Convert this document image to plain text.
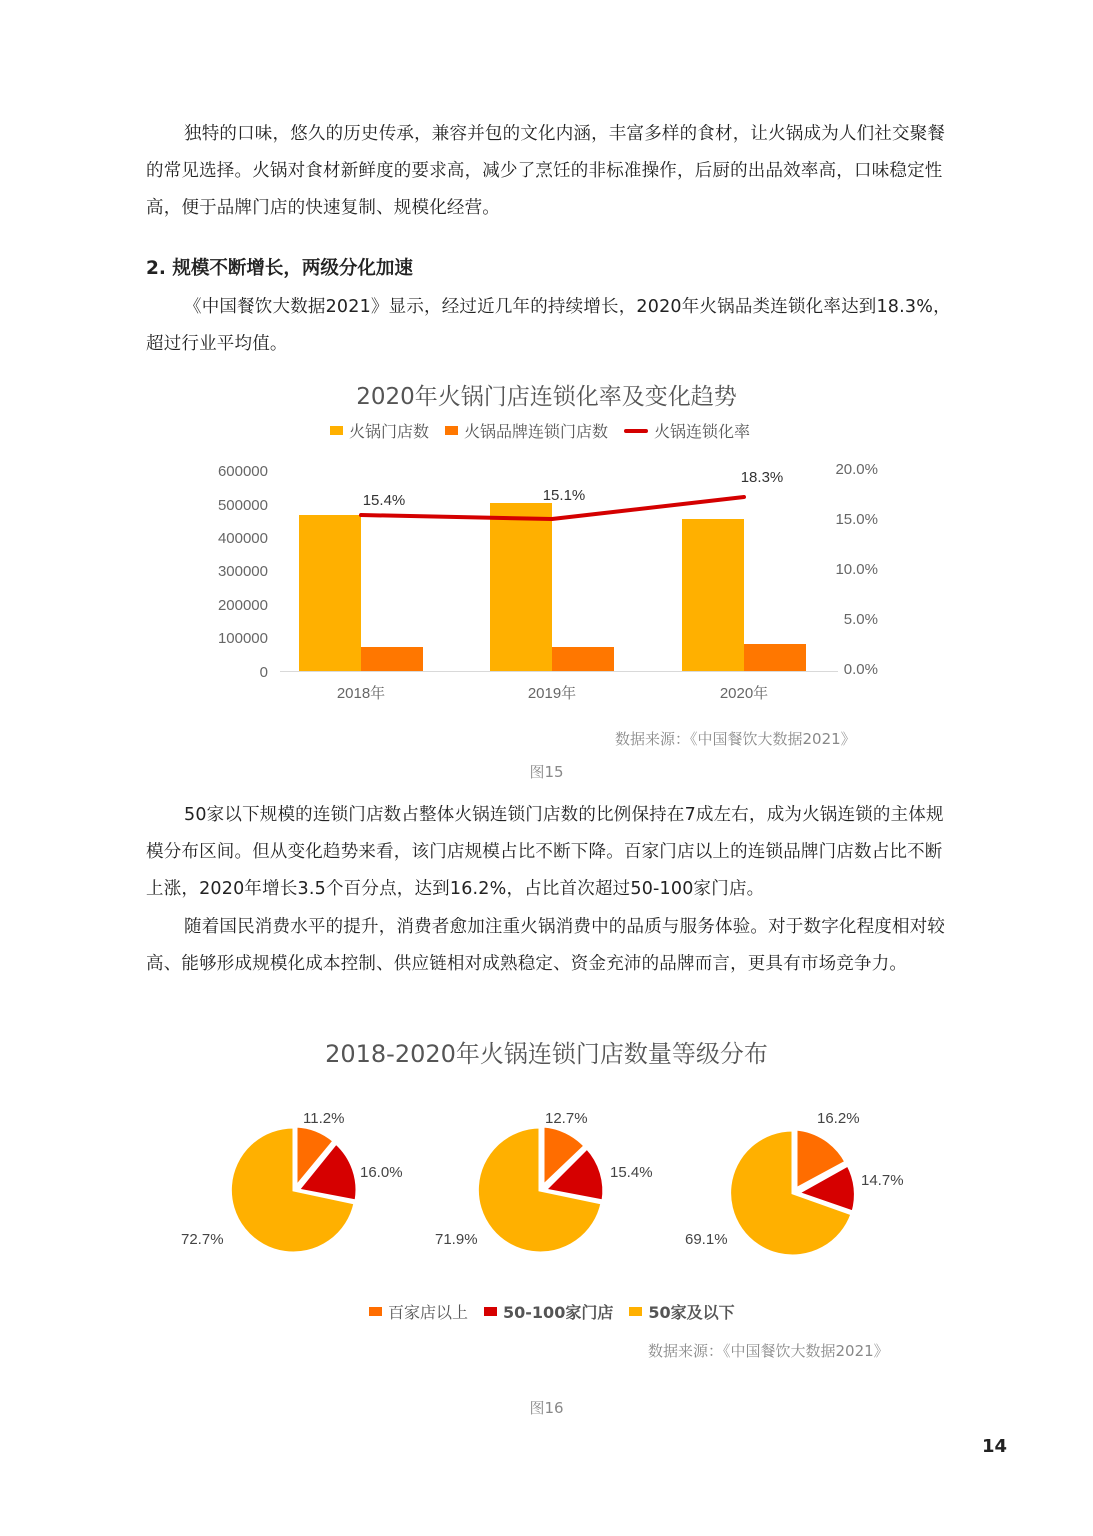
独特的口味，悠久的历史传承，兼容并包的文化内涵，丰富多样的食材，让火锅成为人们社交聚餐的常见选择。火锅对食材新鲜度的要求高，减少了烹饪的非标准操作，后厨的出品效率高，口味稳定性高，便于品牌门店的快速复制、规模化经营。
2. 规模不断增长，两级分化加速
《中国餐饮大数据2021》显示，经过近几年的持续增长，2020年火锅品类连锁化率达到18.3%，超过行业平均值。
2020年火锅门店连锁化率及变化趋势
火锅门店数 火锅品牌连锁门店数	火锅连锁化率
600000
500000
400000
300000
200000
100000
0
20.0%
15.0%
10.0%
5.0%
0.0%
15.4%	15.1%
18.3%
2018年	2019年	2020年
数据来源：《中国餐饮大数据2021》
图15
50家以下规模的连锁门店数占整体火锅连锁门店数的比例保持在7成左右，成为火锅连锁的主体规模分布区间。但从变化趋势来看，该门店规模占比不断下降。百家门店以上的连锁品牌门店数占比不断上涨，2020年增长3.5个百分点，达到16.2%，占比首次超过50-100家门店。
随着国民消费水平的提升，消费者愈加注重火锅消费中的品质与服务体验。对于数字化程度相对较高、能够形成规模化成本控制、供应链相对成熟稳定、资金充沛的品牌而言，更具有市场竞争力。
2018-2020年火锅连锁门店数量等级分布
11.2%
16.0%
72.7%
12.7%
15.4%
71.9%
16.2%
14.7%
69.1%
百家店以上 50-100家门店 50家及以下
数据来源：《中国餐饮大数据2021》
图16
14
